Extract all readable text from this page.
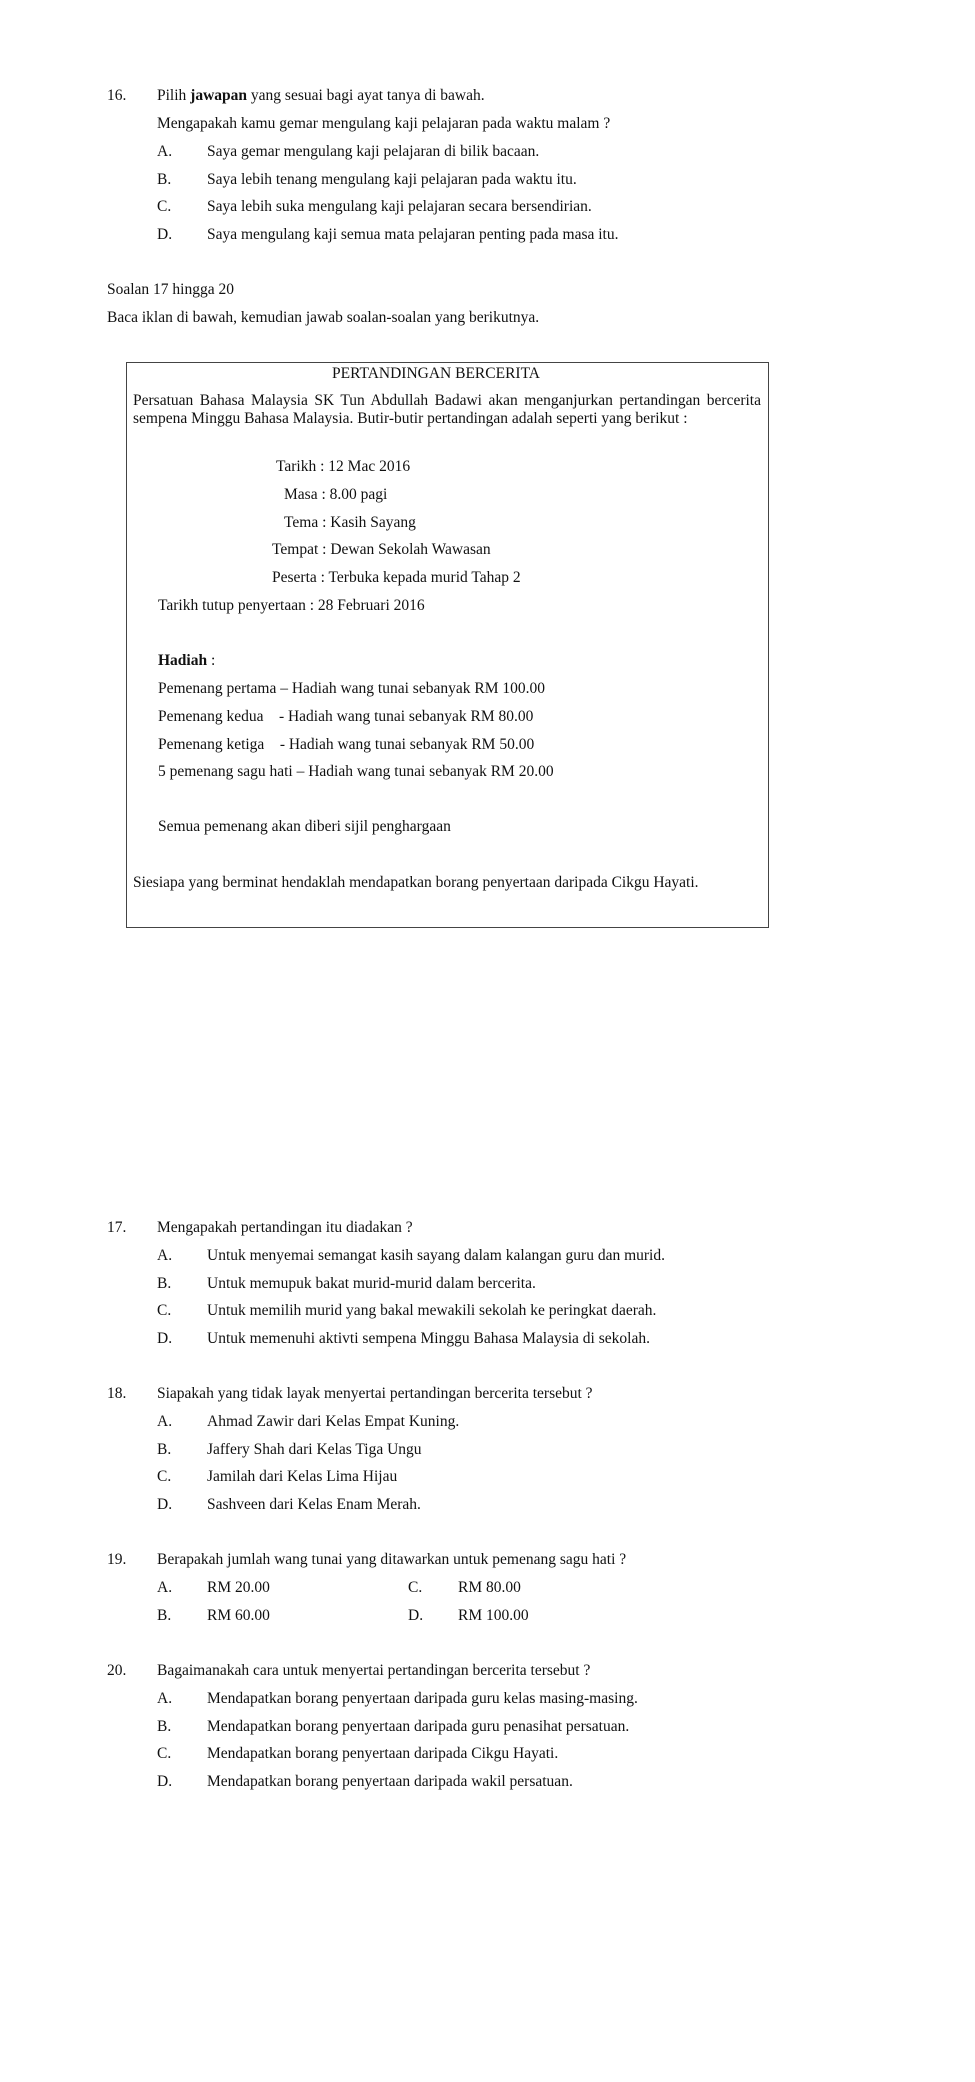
16. Pilih jawapan yang sesuai bagi ayat tanya di bawah.
Mengapakah kamu gemar mengulang kaji pelajaran pada waktu malam ?
A. Saya gemar mengulang kaji pelajaran di bilik bacaan.
B. Saya lebih tenang mengulang kaji pelajaran pada waktu itu.
C. Saya lebih suka mengulang kaji pelajaran secara bersendirian.
D. Saya mengulang kaji semua mata pelajaran penting pada masa itu.
Soalan 17 hingga 20
Baca iklan di bawah, kemudian jawab soalan-soalan yang berikutnya.
PERTANDINGAN BERCERITA
Persatuan Bahasa Malaysia SK Tun Abdullah Badawi akan menganjurkan pertandingan bercerita sempena Minggu Bahasa Malaysia. Butir-butir pertandingan adalah seperti yang berikut :
Tarikh : 12 Mac 2016
Masa : 8.00 pagi
Tema : Kasih Sayang
Tempat : Dewan Sekolah Wawasan
Peserta : Terbuka kepada murid Tahap 2
Tarikh tutup penyertaan : 28 Februari 2016
Hadiah :
Pemenang pertama – Hadiah wang tunai sebanyak RM 100.00
Pemenang kedua    - Hadiah wang tunai sebanyak RM 80.00
Pemenang ketiga    - Hadiah wang tunai sebanyak RM 50.00
5 pemenang sagu hati – Hadiah wang tunai sebanyak RM 20.00
Semua pemenang akan diberi sijil penghargaan
Siesiapa yang berminat hendaklah mendapatkan borang penyertaan daripada Cikgu Hayati.
17. Mengapakah pertandingan itu diadakan ?
A. Untuk menyemai semangat kasih sayang dalam kalangan guru dan murid.
B. Untuk memupuk bakat murid-murid dalam bercerita.
C. Untuk memilih murid yang bakal mewakili sekolah ke peringkat daerah.
D. Untuk memenuhi aktivti sempena Minggu Bahasa Malaysia di sekolah.
18. Siapakah yang tidak layak menyertai pertandingan bercerita tersebut ?
A. Ahmad Zawir dari Kelas Empat Kuning.
B. Jaffery Shah dari Kelas Tiga Ungu
C. Jamilah dari Kelas Lima Hijau
D. Sashveen dari Kelas Enam Merah.
19. Berapakah jumlah wang tunai yang ditawarkan untuk pemenang sagu hati ?
A. RM 20.00	C. RM 80.00
B. RM 60.00	D. RM 100.00
20. Bagaimanakah cara untuk menyertai pertandingan bercerita tersebut ?
A. Mendapatkan borang penyertaan daripada guru kelas masing-masing.
B. Mendapatkan borang penyertaan daripada guru penasihat persatuan.
C. Mendapatkan borang penyertaan daripada Cikgu Hayati.
D. Mendapatkan borang penyertaan daripada wakil persatuan.
